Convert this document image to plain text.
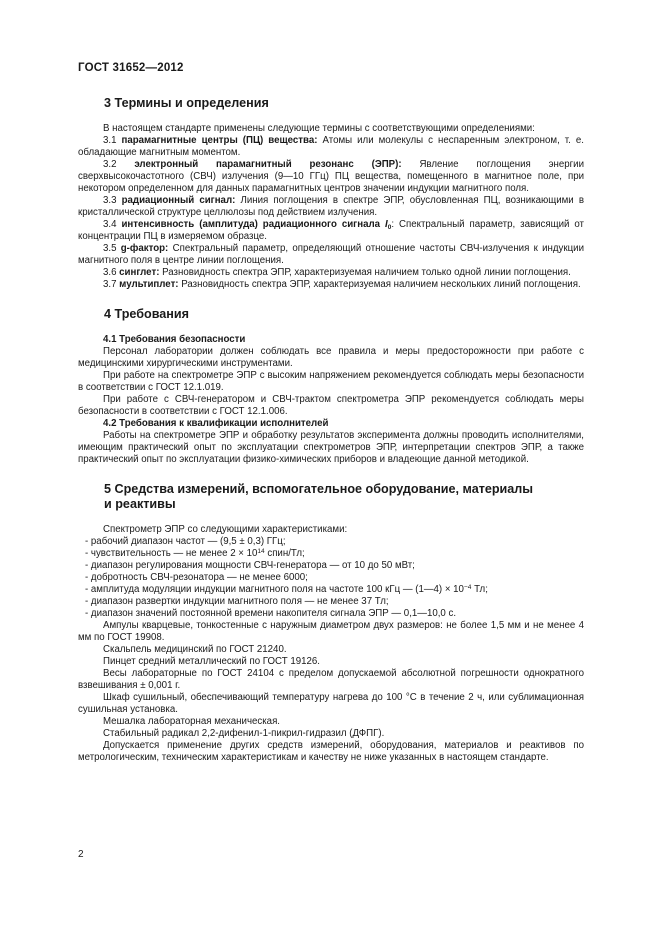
ГОСТ 31652—2012

3 Термины и определения

В настоящем стандарте применены следующие термины с соответствующими определениями:

3.1 парамагнитные центры (ПЦ) вещества: Атомы или молекулы с неспаренным электроном, т. е. обладающие магнитным моментом.

3.2 электронный парамагнитный резонанс (ЭПР): Явление поглощения энергии сверхвысокочастотного (СВЧ) излучения (9—10 ГГц) ПЦ вещества, помещенного в магнитное поле, при некотором определенном для данных парамагнитных центров значении индукции магнитного поля.

3.3 радиационный сигнал: Линия поглощения в спектре ЭПР, обусловленная ПЦ, возникающими в кристаллической структуре целлюлозы под действием излучения.

3.4 интенсивность (амплитуда) радиационного сигнала $I_0$: Спектральный параметр, зависящий от концентрации ПЦ в измеряемом образце.

3.5 g-фактор: Спектральный параметр, определяющий отношение частоты СВЧ-излучения к индукции магнитного поля в центре линии поглощения.

3.6 синглет: Разновидность спектра ЭПР, характеризуемая наличием только одной линии поглощения.

3.7 мультиплет: Разновидность спектра ЭПР, характеризуемая наличием нескольких линий поглощения.

4 Требования

4.1 Требования безопасности

Персонал лаборатории должен соблюдать все правила и меры предосторожности при работе с медицинскими хирургическими инструментами.

При работе на спектрометре ЭПР с высоким напряжением рекомендуется соблюдать меры безопасности в соответствии с ГОСТ 12.1.019.

При работе с СВЧ-генератором и СВЧ-трактом спектрометра ЭПР рекомендуется соблюдать меры безопасности в соответствии с ГОСТ 12.1.006.

4.2 Требования к квалификации исполнителей

Работы на спектрометре ЭПР и обработку результатов эксперимента должны проводить исполнителями, имеющим практический опыт по эксплуатации спектрометров ЭПР, интерпретации спектров ЭПР, а также практический опыт по эксплуатации физико-химических приборов и владеющие данной методикой.

5 Средства измерений, вспомогательное оборудование, материалы

и реактивы

Спектрометр ЭПР со следующими характеристиками:

- рабочий диапазон частот — (9,5 ± 0,3) ГГц;

- чувствительность — не менее $2 \times 10^{14}$ спин/Тл;

- диапазон регулирования мощности СВЧ-генератора — от 10 до 50 мВт;

- добротность СВЧ-резонатора — не менее 6000;

- амплитуда модуляции индукции магнитного поля на частоте 100 кГц — (1—4) × $10^{-4}$ Тл;

- диапазон развертки индукции магнитного поля — не менее 37 Тл;

- диапазон значений постоянной времени накопителя сигнала ЭПР — 0,1—10,0 с.

Ампулы кварцевые, тонкостенные с наружным диаметром двух размеров: не более 1,5 мм и не менее 4 мм по ГОСТ 19908.

Скальпель медицинский по ГОСТ 21240.

Пинцет средний металлический по ГОСТ 19126.

Весы лабораторные по ГОСТ 24104 с пределом допускаемой абсолютной погрешности однократного взвешивания ± 0,001 г.

Шкаф сушильный, обеспечивающий температуру нагрева до 100 °С в течение 2 ч, или сублимационная сушильная установка.

Мешалка лабораторная механическая.

Стабильный радикал 2,2-дифенил-1-пикрил-гидразил (ДФПГ).

Допускается применение других средств измерений, оборудования, материалов и реактивов по метрологическим, техническим характеристикам и качеству не ниже указанных в настоящем стандарте.

2
